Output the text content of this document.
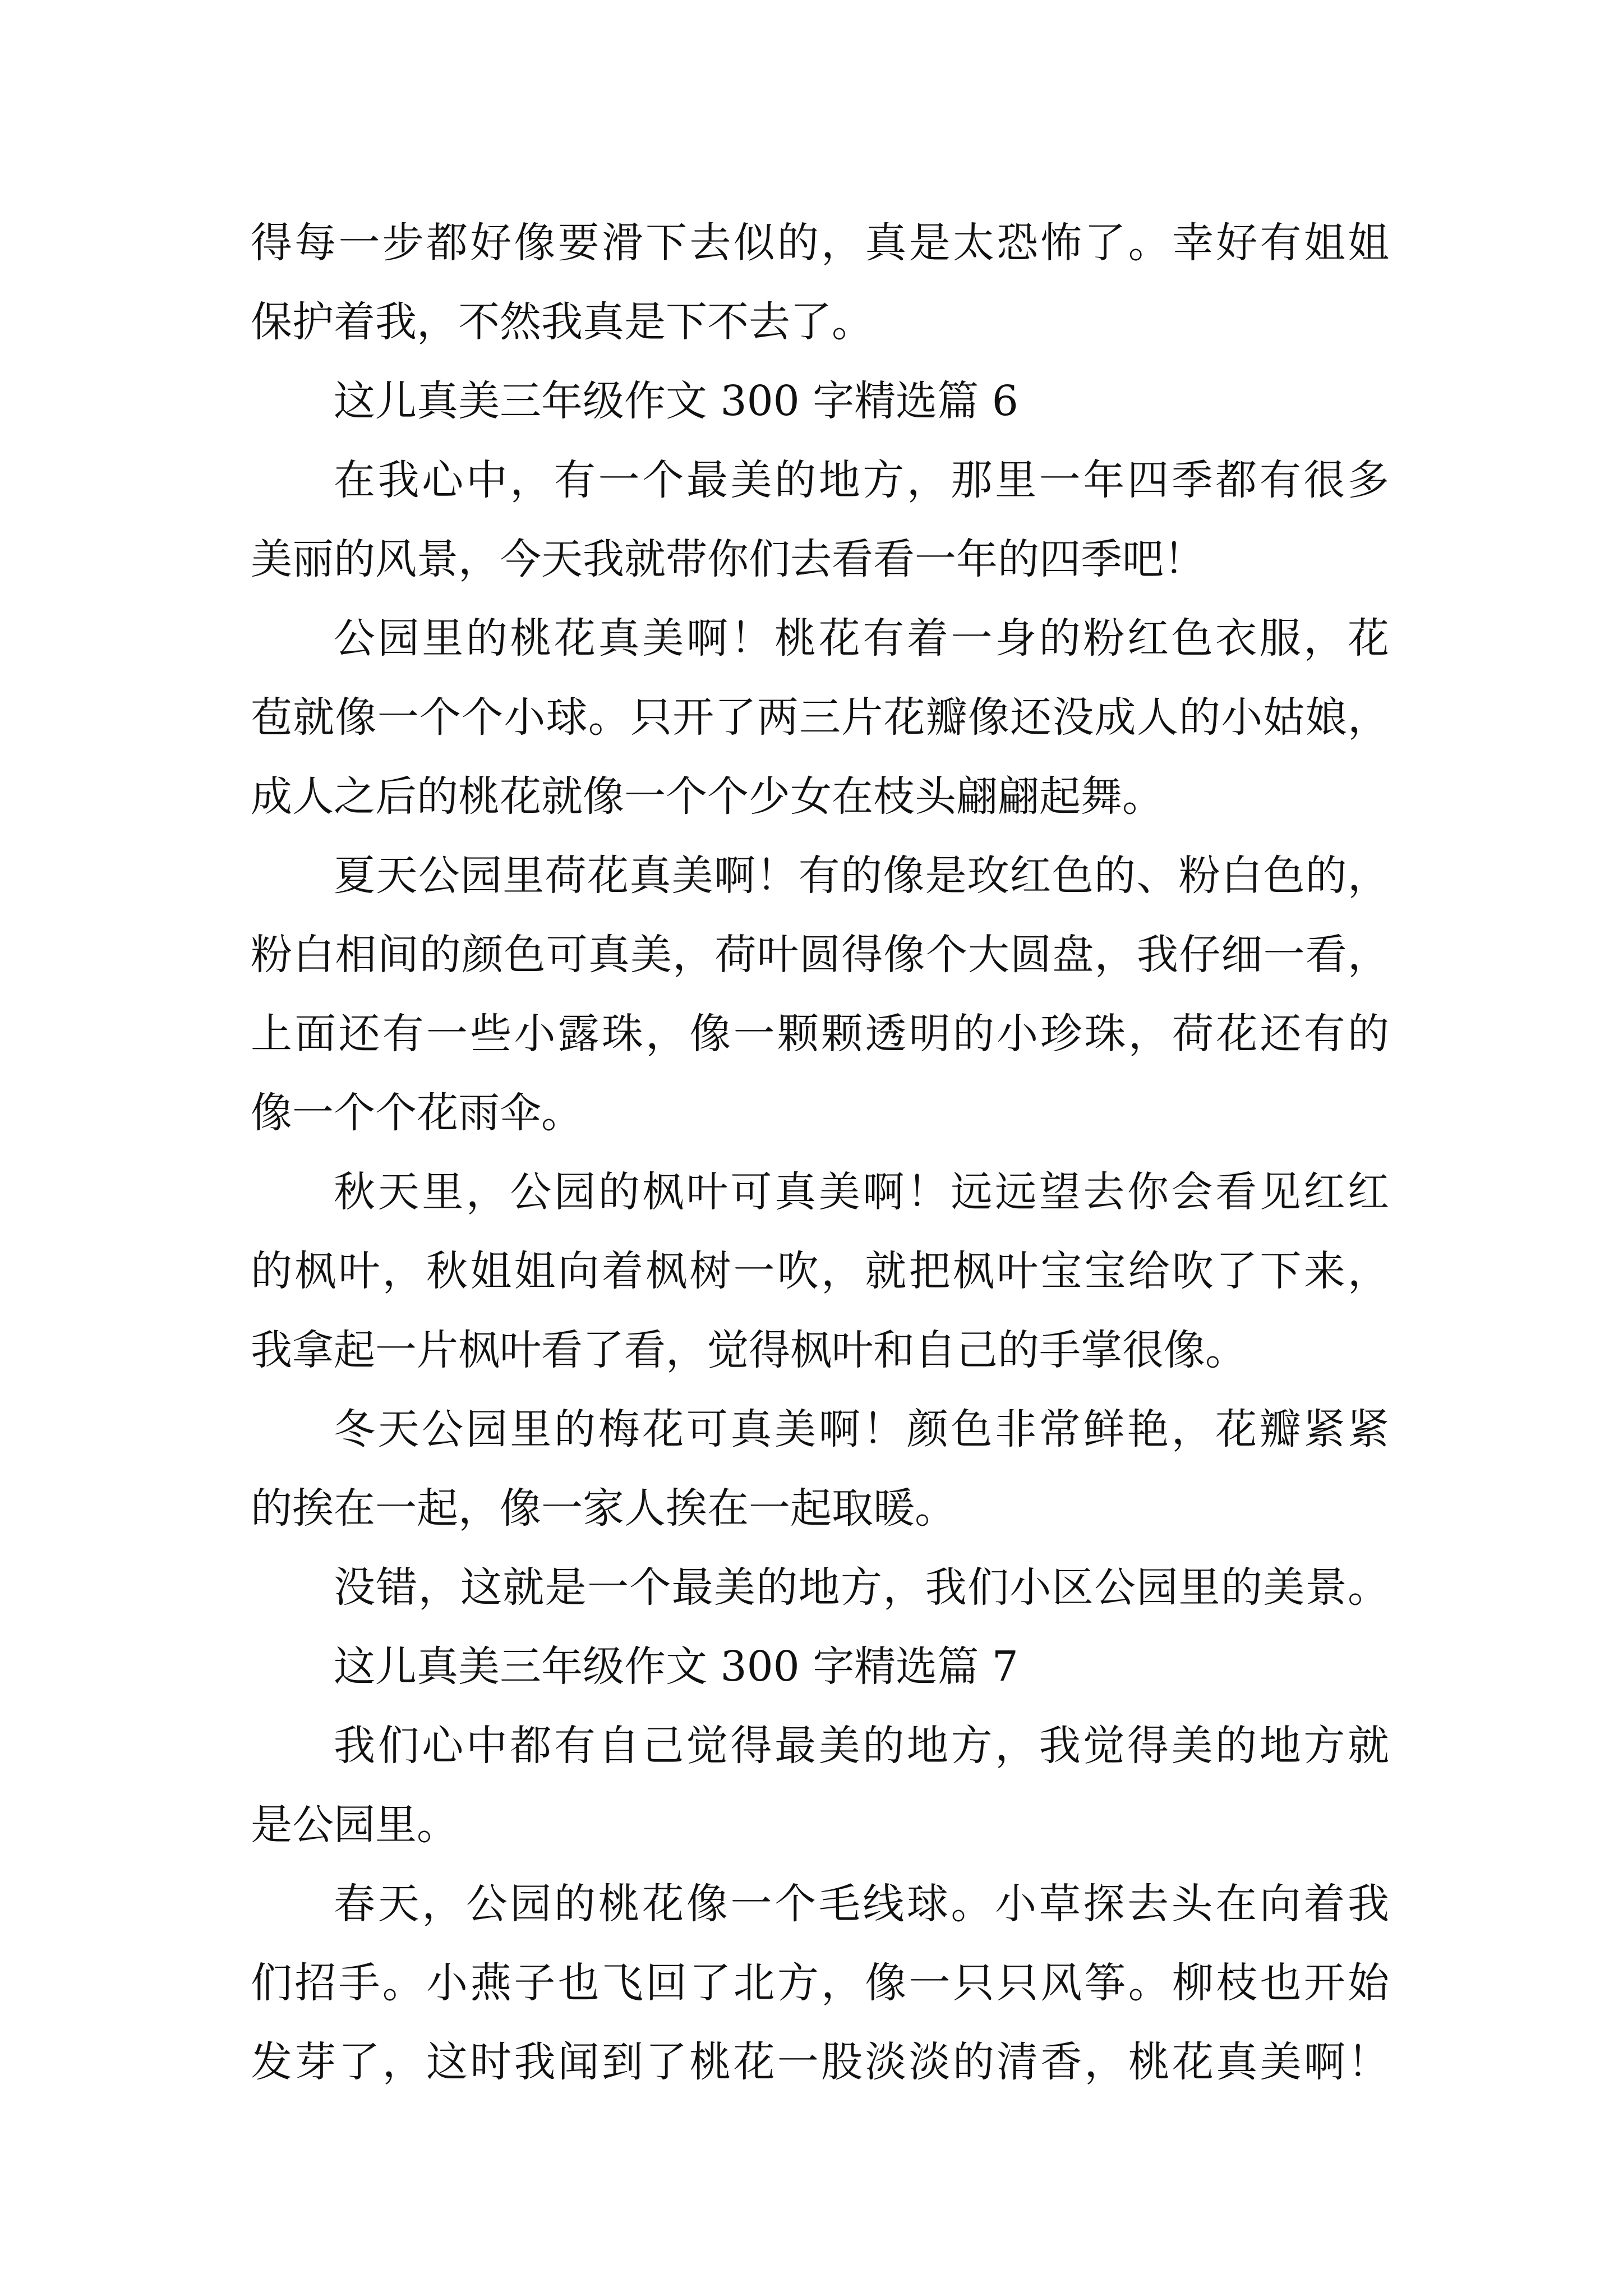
得每一步都好像要滑下去似的，真是太恐怖了。幸好有姐姐
保护着我，不然我真是下不去了。
这儿真美三年级作文 300 字精选篇 6
在我心中，有一个最美的地方，那里一年四季都有很多
美丽的风景，今天我就带你们去看看一年的四季吧！
公园里的桃花真美啊！桃花有着一身的粉红色衣服，花
苞就像一个个小球。只开了两三片花瓣像还没成人的小姑娘，
成人之后的桃花就像一个个少女在枝头翩翩起舞。
夏天公园里荷花真美啊！有的像是玫红色的、粉白色的，
粉白相间的颜色可真美，荷叶圆得像个大圆盘，我仔细一看，
上面还有一些小露珠，像一颗颗透明的小珍珠，荷花还有的
像一个个花雨伞。
秋天里，公园的枫叶可真美啊！远远望去你会看见红红
的枫叶，秋姐姐向着枫树一吹，就把枫叶宝宝给吹了下来，
我拿起一片枫叶看了看，觉得枫叶和自己的手掌很像。
冬天公园里的梅花可真美啊！颜色非常鲜艳，花瓣紧紧
的挨在一起，像一家人挨在一起取暖。
没错，这就是一个最美的地方，我们小区公园里的美景。
这儿真美三年级作文 300 字精选篇 7
我们心中都有自己觉得最美的地方，我觉得美的地方就
是公园里。
春天，公园的桃花像一个毛线球。小草探去头在向着我
们招手。小燕子也飞回了北方，像一只只风筝。柳枝也开始
发芽了，这时我闻到了桃花一股淡淡的清香，桃花真美啊！
